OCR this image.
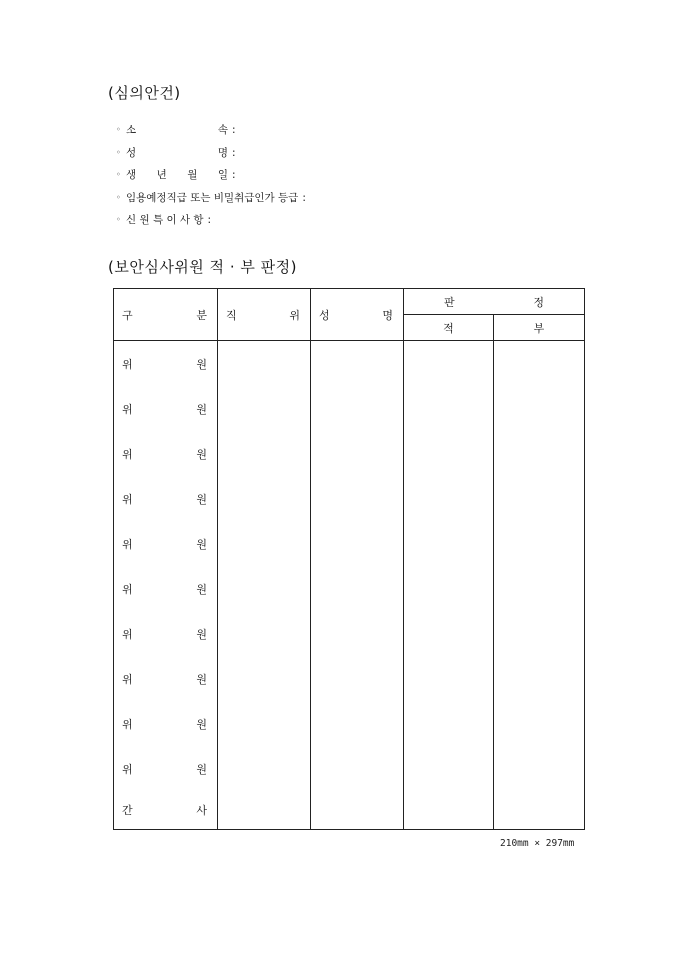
(심의안건)
◦ 소	속 :
◦ 성	명 :
◦ 생 년 월 일 :
◦ 임용예정직급 또는 비밀취급인가 등급 :
◦ 신 원 특 이 사 항 :
(보안심사위원 적 · 부 판정)
구 분	직 위	성 명	판 정	

			적	부

위 원				

위 원				

위 원				

위 원				

위 원				

위 원				

위 원				

위 원				

위 원				

위 원				

간 사				

210mm × 297mm
